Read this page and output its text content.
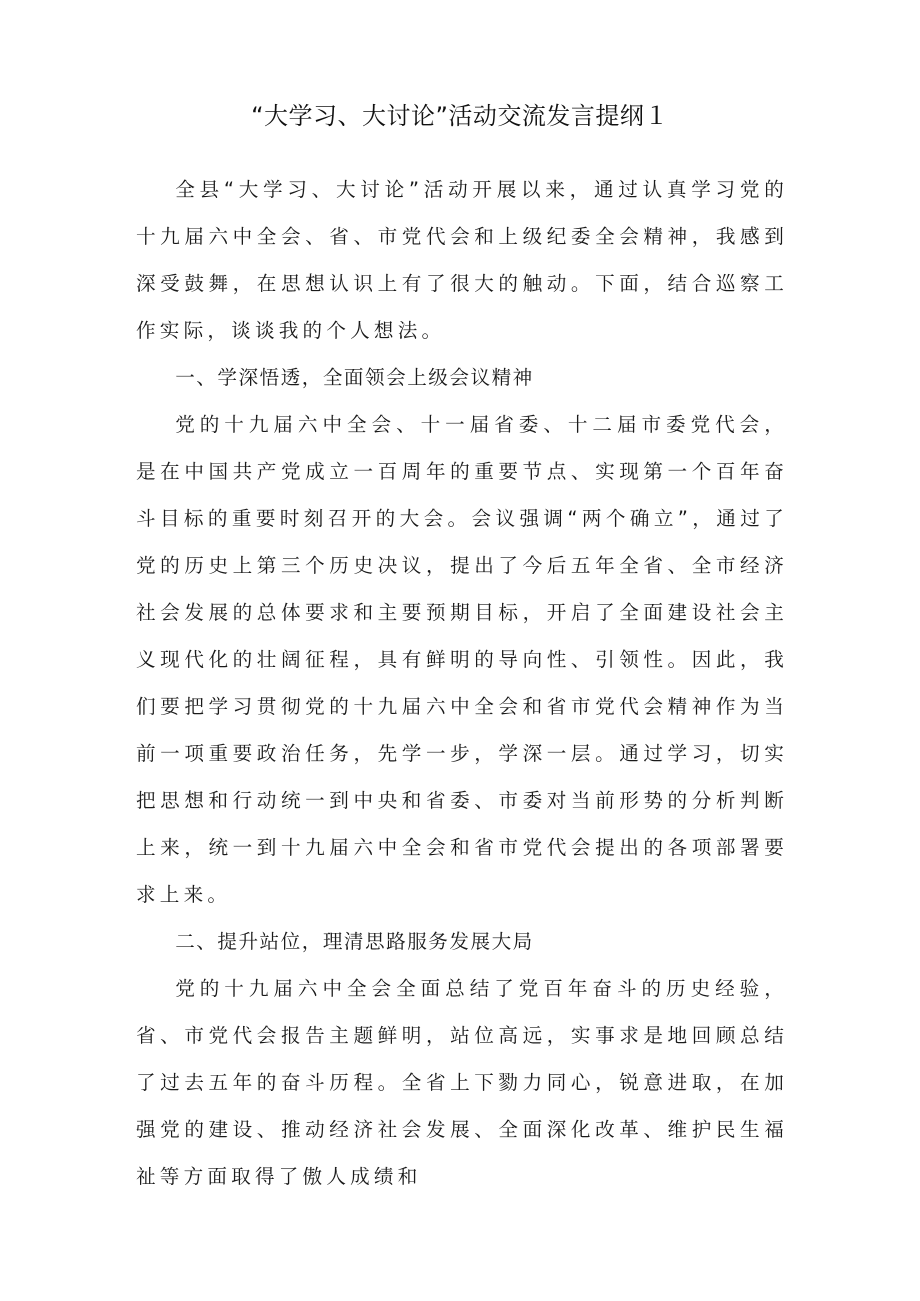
“大学习、大讨论”活动交流发言提纲１

全县“大学习、大讨论”活动开展以来，通过认真学习党的十九届六中全会、省、市党代会和上级纪委全会精神，我感到深受鼓舞，在思想认识上有了很大的触动。下面，结合巡察工作实际，谈谈我的个人想法。

一、学深悟透，全面领会上级会议精神

党的十九届六中全会、十一届省委、十二届市委党代会，是在中国共产党成立一百周年的重要节点、实现第一个百年奋斗目标的重要时刻召开的大会。会议强调“两个确立”，通过了党的历史上第三个历史决议，提出了今后五年全省、全市经济社会发展的总体要求和主要预期目标，开启了全面建设社会主义现代化的壮阔征程，具有鲜明的导向性、引领性。因此，我们要把学习贯彻党的十九届六中全会和省市党代会精神作为当前一项重要政治任务，先学一步，学深一层。通过学习，切实把思想和行动统一到中央和省委、市委对当前形势的分析判断上来，统一到十九届六中全会和省市党代会提出的各项部署要求上来。

二、提升站位，理清思路服务发展大局

党的十九届六中全会全面总结了党百年奋斗的历史经验，省、市党代会报告主题鲜明，站位高远，实事求是地回顾总结了过去五年的奋斗历程。全省上下勠力同心，锐意进取，在加强党的建设、推动经济社会发展、全面深化改革、维护民生福祉等方面取得了傲人成绩和
